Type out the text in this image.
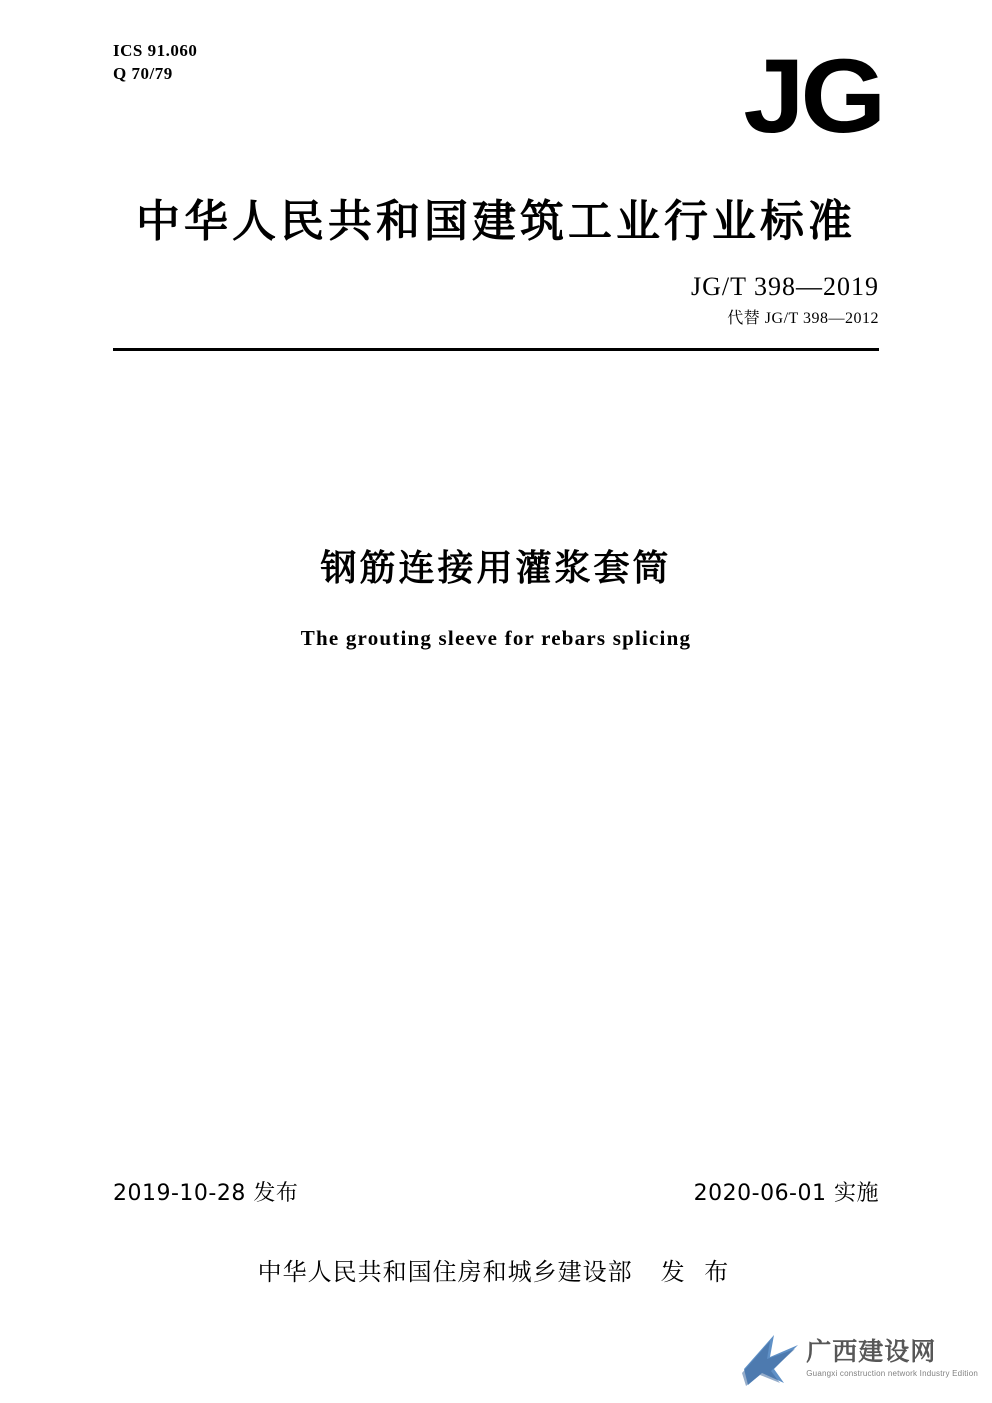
ICS 91.060
Q 70/79	JG
中华人民共和国建筑工业行业标准
JG/T 398—2019
代替 JG/T 398—2012
钢筋连接用灌浆套筒
The grouting sleeve for rebars splicing
2019-10-28 发布	2020-06-01 实施
中华人民共和国住房和城乡建设部 发 布
广西建设网
Guangxi construction network Industry Edition
